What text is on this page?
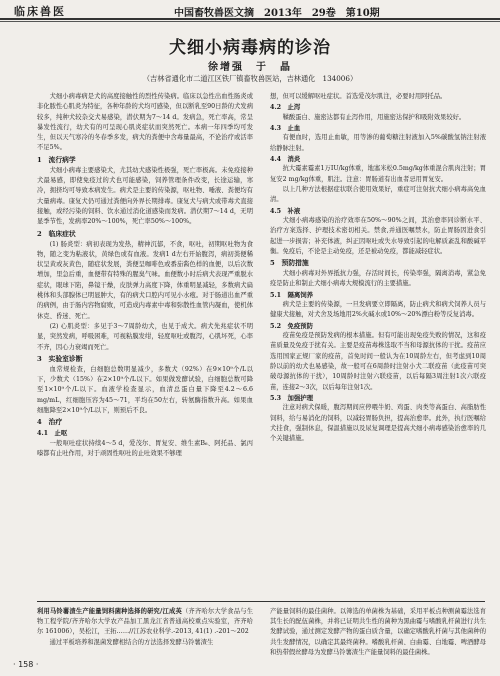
临床兽医	中国畜牧兽医文摘　2013年　29卷　第10期
犬细小病毒病的诊治
徐增强　于　晶
（吉林省通化市二道江区铁厂镇畜牧兽医站，吉林通化　134006）

犬细小病毒病是犬的高度接触性的烈性传染病。临床以急性出血性肠炎或非化脓性心肌炎为特征，各种年龄的犬均可感染，但以断乳至90日龄的犬发病较多，纯种犬较杂交犬易感染，潜伏期为7～14 d。发病急，死亡率高，常呈暴发性流行，幼犬有的可呈现心肌炎症状而突然死亡。本病一年四季均可发生，但以天气寒冷的冬春季多发，病犬的粪便中含毒量最高，不论治疗或活率不足5%。

1　流行病学

犬细小病毒主要感染犬，尤其幼犬感染性极强，死亡率极高。未免疫接种犬最易感，即使免疫过的犬也可能感染，饲养管理条件改变，长途运输，寒冷，拥挤均可导致本病发生。病犬是主要的传染源，呕吐物、唾液、粪便均有大量病毒。康复犬仍可通过粪便向外界长期排毒。康复犬与病犬或带毒犬直接接触，或经污染的饲料、饮水通过消化道感染而发病。潜伏期7～14 d，无明显季节性，发病率20%～100%，死亡率50%～100%。

2　临床症状

(1) 肠炎型：病初表现为发热，精神沉郁，不食，呕吐，初期呕吐物为食物，随之变为粘液状，黄绿色或有血液。发病1 d左右开始腹泻，病初粪便稀状呈黄或灰黄色，随症状发展，粪便呈咖啡色或番茄酱色样的血便，以后次数增加，里急后重，血便带有特殊的腥臭气味。血便数小时后病犬表现严重脱水症状，眼球下陷，鼻镜干燥，皮肤弹力高度下降，体重明显减轻，多数病犬扁桃体和头部腺体已明显肿大，有的病犬口腔内可见小水疱。对于肠道出血严重的病例，由于肠内容物腐败，可造成内毒素中毒和弥散性血管内凝血，使机体休克、昏迷、死亡。

(2) 心肌炎型：多见于3～7周龄幼犬，也见于成犬。病犬先兆症状不明显，突然发病，呼吸困难，可视粘膜发绀，轻度呕吐或腹泻，心肌坏死，心率不齐，因心力衰竭而死亡。

3　实验室诊断

血常规检查，白细胞总数明显减少，多数犬（92%）在9×10⁹个/L以下，少数犬（15%）在2×10⁹个/L以下。如果做发酵试验，白细胞总数可降至1×10⁹个/L以下。血液学检查显示，血清总蛋白量下降至4.2～6.6 mg/mL，红细胞压容为45～71，平均在50左右，转氨酶指数升高。如果血细胞降至2×10⁹个/L以下，则预后不良。

4　治疗
4.1　止呕

一般呕吐症状持续4～5 d，爱茂尔、胃复安、维生素B₆、阿托品、氯丙嗪都有止吐作用，对于顽固性呕吐的止吐效果不够理

想，但可以缓解呕吐症状。首选爱茂尔肌注，必要时用阿托品。

4.2　止泻

鞣酸蛋白、施密达都有止泻作用，用施密达保护和吸附效果较好。

4.3　止血

有便血时，选用止血敏，用等渗的葡萄糖注射液加入5%碳酸氢钠注射液给静脉注射。

4.4　消炎

抗大霉素霉素1万IU/kg体重，地塞米松0.5mg/kg体重混合肌肉注射；胃复安2 mg/kg体重，肌注。注意：胃肠道有出血者忌用胃复安。

以上几种方法根据症状联合使用效果好，重症可注射抗犬细小病毒高免血清。

4.5　补液

犬细小病毒感染的治疗效率在50%～90%之间，其治愈率同诊断水平、治疗方案选择、护理技术密切相关。禁食,并通医嘱禁水，防止胃肠因进食引起进一步损害；补充体液，纠正因呕吐或失水导致引起的电解质紊乱和酸碱平衡。免疫后，不论是主动免疫，还是被动免疫，都能减轻症状。

5　预防措施

犬细小病毒对外界抵抗力强，存活时间长，传染率强，隔离消毒，紧急免疫是防止和制止犬细小病毒大规模流行的主要措施。

5.1　隔离饲养

病犬是主要的传染源，一旦发病要立即隔离，防止病犬和病犬饲养人员与健康犬接触，对犬舍及场地用2%火碱水或10%～20%漂白粉等反复消毒。

5.2　免疫预防

疫苗免疫是预防发病的根本措施。但有可能出现免疫失败的情况，这和疫苗质量及免疫于扰有关。主要是疫苗毒株选取不当和母源抗体的干扰。疫苗应选用国家正规厂家的疫苗，首免时间一般认为在10周龄左右，但考虑到10周龄以前的幼犬也易感染，故一般可在6周龄时注射小犬二联疫苗（此疫苗可突破母源抗体的干扰），10周龄时注射六联疫苗，以后每隔3周注射1次六联疫苗，连接2～3次，以后每年注射1次。

5.3　加强护理

注意对病犬保暖，腹泻期间应停喂牛奶、鸡蛋、肉类等高蛋白、高脂肪性饲料，给与易消化的饲料，以减轻胃肠负担，提高治愈率。此外，执行医嘱给犬挂食，强制休息，保温措施以及尿复调理是提高犬细小病毒感染治愈率的几个关键措施。

利用马铃薯渣生产能量饲料菌种选择的研究/江成英（齐齐哈尔大学食品与生物工程学院/齐齐哈尔大学农产品加工黑龙江省普通高校重点实验室，齐齐哈尔 161006），吴松江，王拓……//江苏农业科学.-2013, 41(1) .-201～202

通过平板培养和混菌发酵相结合的方法选择发酵马铃薯渣生

产能量饲料的最佳菌种。以筛选的单菌株为基础，采用平板点种测菌霉法选育其生长的配伍菌株，并将已证明共生性的菌种为黑曲霉与嗜酸乳杆菌进行共生发酵试验，通过测定发酵产物的蛋白质含量，以确定嗜酸乳杆菌与其他菌种的共生发酵情况，以确定其最终菌种。嗜酸乳杆菌、白曲霉、白地霉、啤酒酵母和热带假丝酵母为发酵马铃薯渣生产能量饲料的最佳菌株。

· 158 ·
